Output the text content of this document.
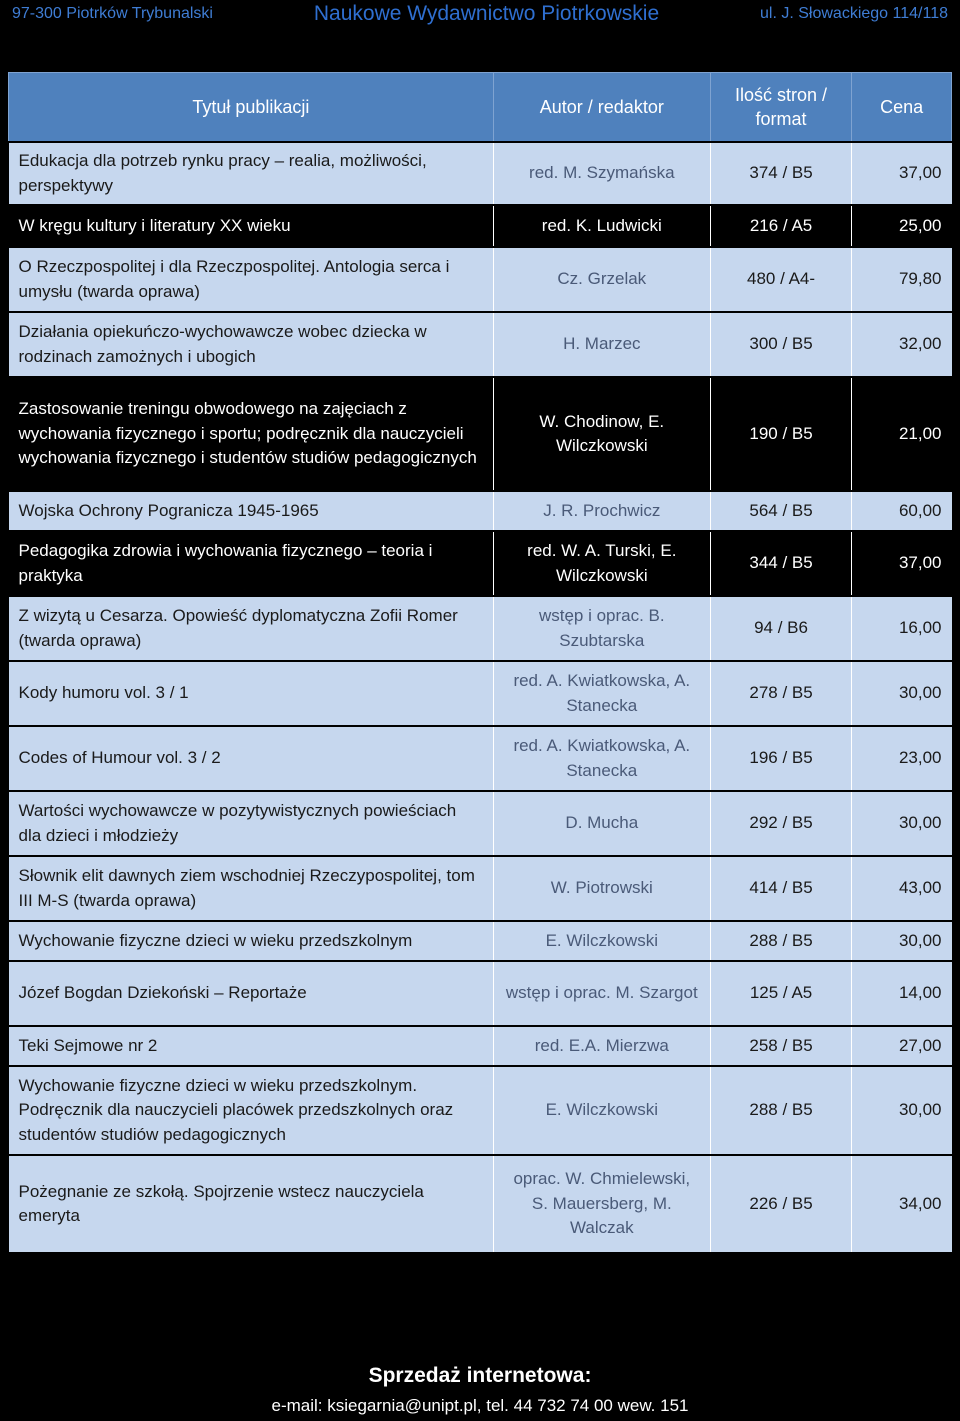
97-300 Piotrków Trybunalski	Naukowe Wydawnictwo Piotrkowskie	ul. J. Słowackiego 114/118
Tytuł publikacji	Autor / redaktor	Ilość stron / format	Cena
Edukacja dla potrzeb rynku pracy – realia, możliwości, perspektywy	red. M. Szymańska	374 / B5	37,00
W kręgu kultury i literatury XX wieku	red. K. Ludwicki	216 / A5	25,00
O Rzeczpospolitej i dla Rzeczpospolitej. Antologia serca i umysłu (twarda oprawa)	Cz. Grzelak	480 / A4-	79,80
Działania opiekuńczo-wychowawcze wobec dziecka w rodzinach zamożnych i ubogich	H. Marzec	300 / B5	32,00
Zastosowanie treningu obwodowego na zajęciach z wychowania fizycznego i sportu; podręcznik dla nauczycieli wychowania fizycznego i studentów studiów pedagogicznych	W. Chodinow, E. Wilczkowski	190 / B5	21,00
Wojska Ochrony Pogranicza 1945-1965	J. R. Prochwicz	564 / B5	60,00
Pedagogika zdrowia i wychowania fizycznego – teoria i praktyka	red. W. A. Turski, E. Wilczkowski	344 / B5	37,00
Z wizytą u Cesarza. Opowieść dyplomatyczna Zofii Romer (twarda oprawa)	wstęp i oprac. B. Szubtarska	94 / B6	16,00
Kody humoru vol. 3 / 1	red. A. Kwiatkowska, A. Stanecka	278 / B5	30,00
Codes of Humour vol. 3 / 2	red. A. Kwiatkowska, A. Stanecka	196 / B5	23,00
Wartości wychowawcze w pozytywistycznych powieściach dla dzieci i młodzieży	D. Mucha	292 / B5	30,00
Słownik elit dawnych ziem wschodniej Rzeczypospolitej, tom III M-S (twarda oprawa)	W. Piotrowski	414 / B5	43,00
Wychowanie fizyczne dzieci w wieku przedszkolnym	E. Wilczkowski	288 / B5	30,00
Józef Bogdan Dziekoński – Reportaże	wstęp i oprac. M. Szargot	125 / A5	14,00
Teki Sejmowe nr 2	red. E.A. Mierzwa	258 / B5	27,00
Wychowanie fizyczne dzieci w wieku przedszkolnym. Podręcznik dla nauczycieli placówek przedszkolnych oraz studentów studiów pedagogicznych	E. Wilczkowski	288 / B5	30,00
Pożegnanie ze szkołą. Spojrzenie wstecz nauczyciela emeryta	oprac. W. Chmielewski, S. Mauersberg, M. Walczak	226 / B5	34,00
Sprzedaż internetowa:
e-mail: ksiegarnia@unipt.pl, tel. 44 732 74 00 wew. 151
